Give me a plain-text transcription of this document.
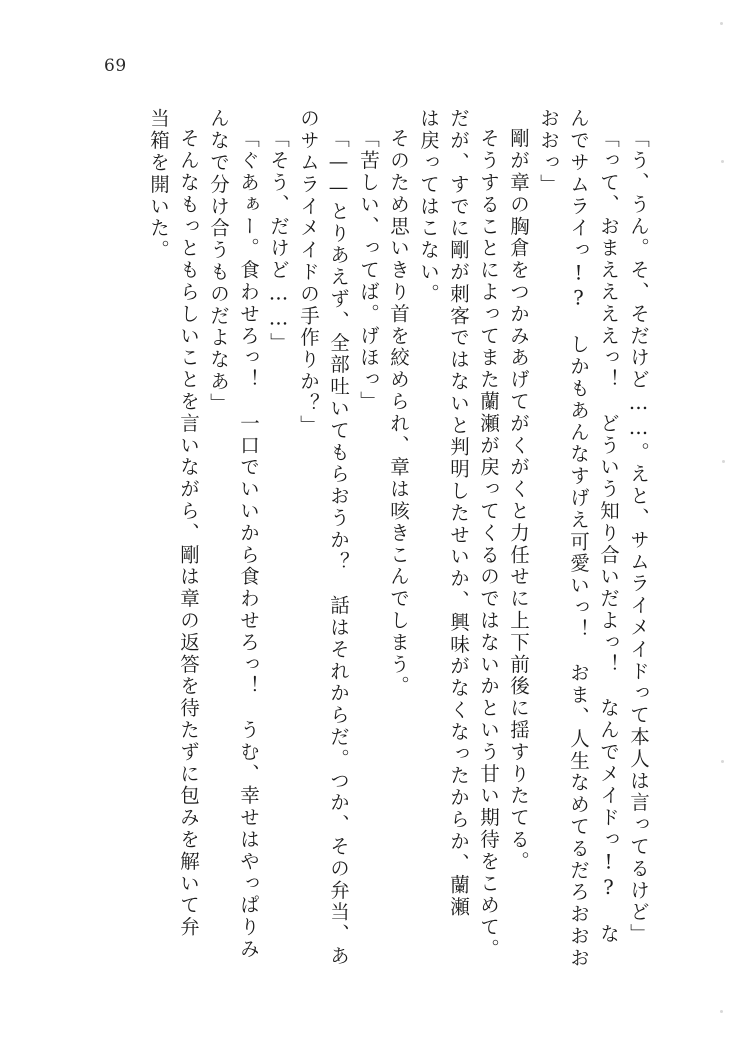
69
「う、うん。そ、そだけど……。えと、サムライメイドって本人は言ってるけど」
「って、おまええええっ！　どういう知り合いだよっ！　なんでメイドっ!?　な
んでサムライっ!?　しかもあんなすげえ可愛いっ！　おま、人生なめてるだろおおお
おおっ」
剛が章の胸倉をつかみあげてがくがくと力任せに上下前後に揺すりたてる。
そうすることによってまた蘭瀬が戻ってくるのではないかという甘い期待をこめて。
だが、すでに剛が刺客ではないと判明したせいか、興味がなくなったからか、蘭瀬
は戻ってはこない。
そのため思いきり首を絞められ、章は咳きこんでしまう。
「苦しい、ってば。げほっ」
「——とりあえず、全部吐いてもらおうか？　話はそれからだ。つか、その弁当、あ
のサムライメイドの手作りか？」
「そう、だけど……」
「ぐあぁー。食わせろっ！　一口でいいから食わせろっ！　うむ、幸せはやっぱりみ
んなで分け合うものだよなあ」
そんなもっともらしいことを言いながら、剛は章の返答を待たずに包みを解いて弁
当箱を開いた。
